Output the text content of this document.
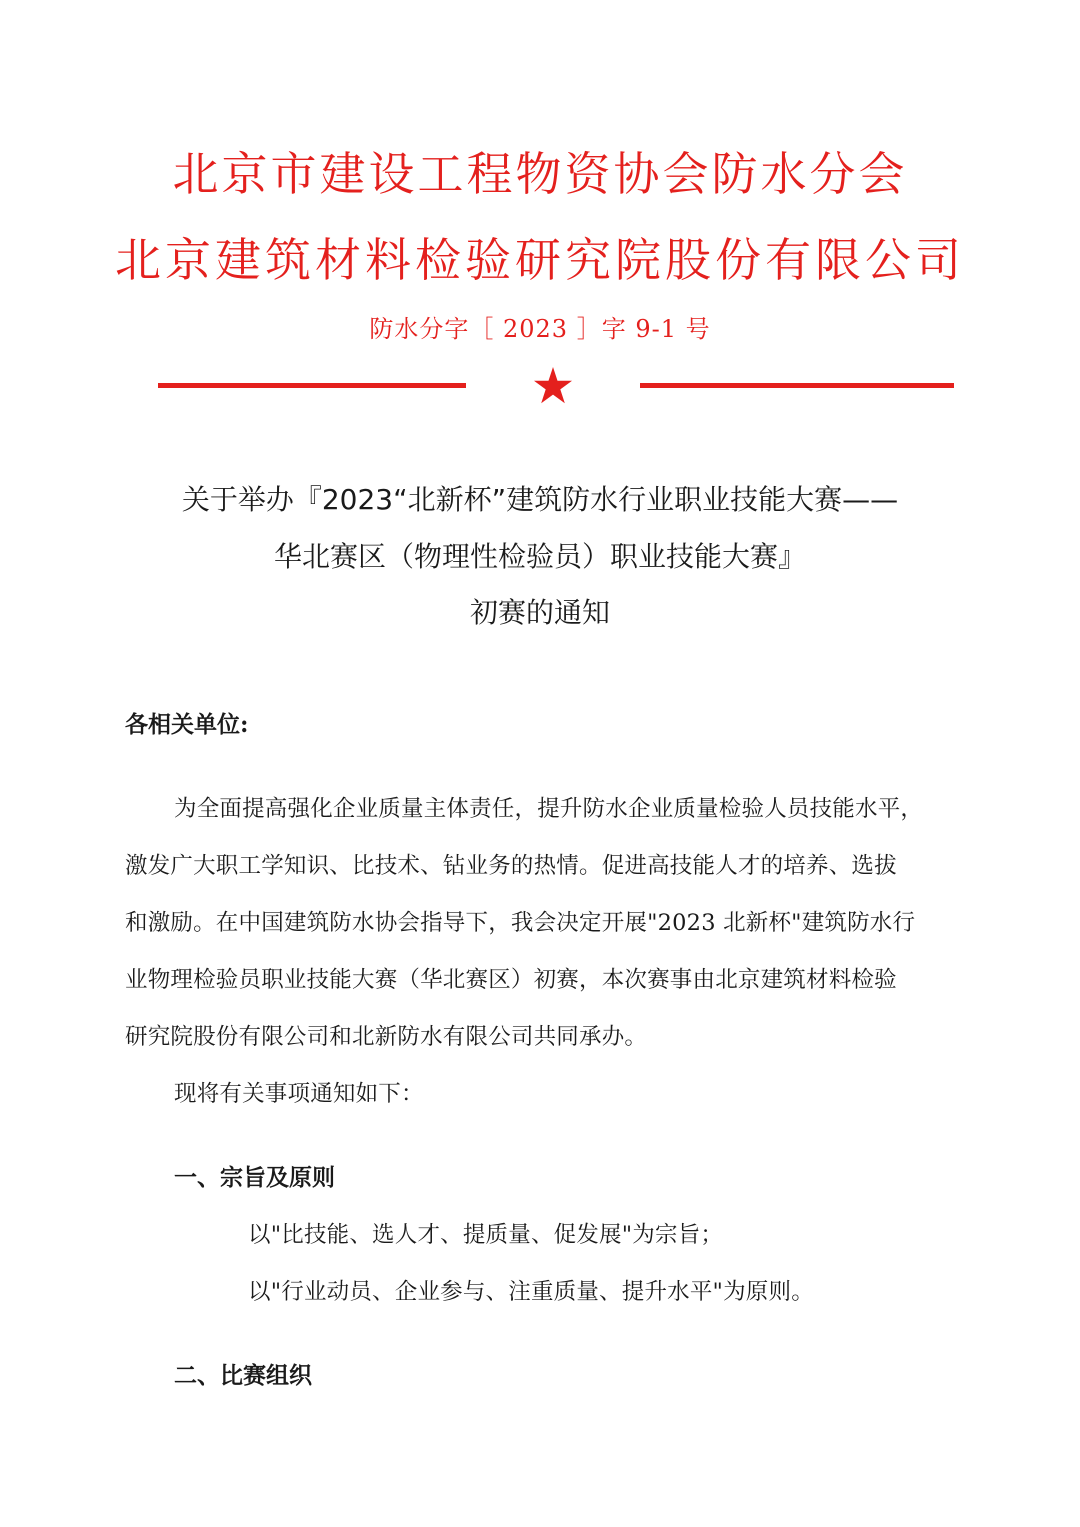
北京市建设工程物资协会防水分会
北京建筑材料检验研究院股份有限公司
防水分字［ 2023 ］字 9-1 号
关于举办『2023“北新杯”建筑防水行业职业技能大赛——
华北赛区（物理性检验员）职业技能大赛』
初赛的通知
各相关单位:
为全面提高强化企业质量主体责任，提升防水企业质量检验人员技能水平，
激发广大职工学知识、比技术、钻业务的热情。促进高技能人才的培养、选拔
和激励。在中国建筑防水协会指导下，我会决定开展"2023 北新杯"建筑防水行
业物理检验员职业技能大赛（华北赛区）初赛，本次赛事由北京建筑材料检验
研究院股份有限公司和北新防水有限公司共同承办。
现将有关事项通知如下：
一、宗旨及原则
以"比技能、选人才、提质量、促发展"为宗旨；
以"行业动员、企业参与、注重质量、提升水平"为原则。
二、比赛组织
